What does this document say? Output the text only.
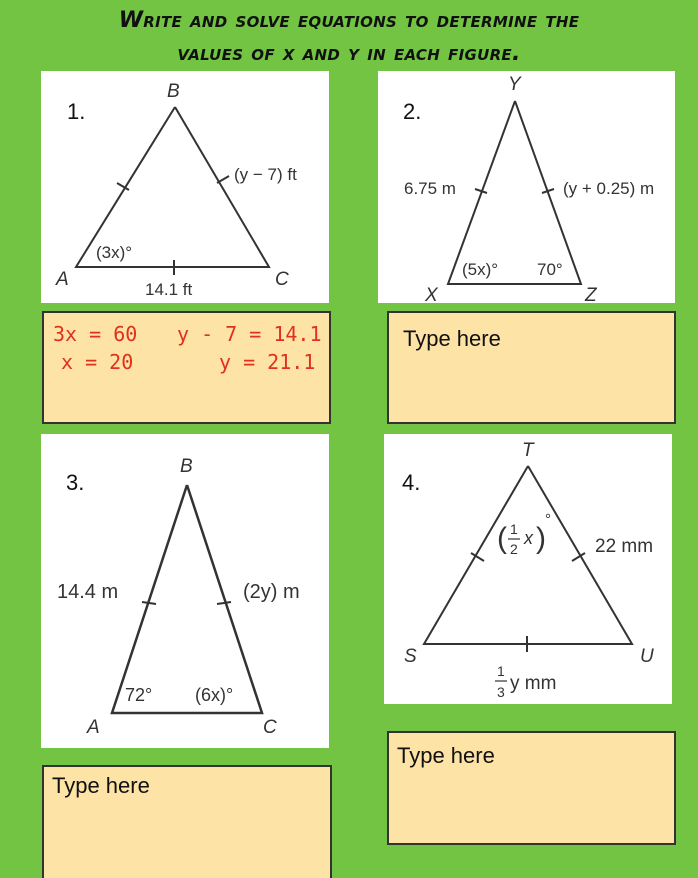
Write and solve equations to determine the
values of x and y in each figure.
1.
B
A	C
(y − 7) ft
14.1 ft
(3x)°
3x = 60 y - 7 = 14.1
x = 20	y = 21.1
2.
Y
X	Z
6.75 m	(y + 0.25) m
(5x)° 70°
Type here
3.
B
A	C
14.4 m	(2y) m
72° (6x)°
Type here
4.
T
S	U
22 mm
( 1
2
x )
°
1
3 y mm
Type here
